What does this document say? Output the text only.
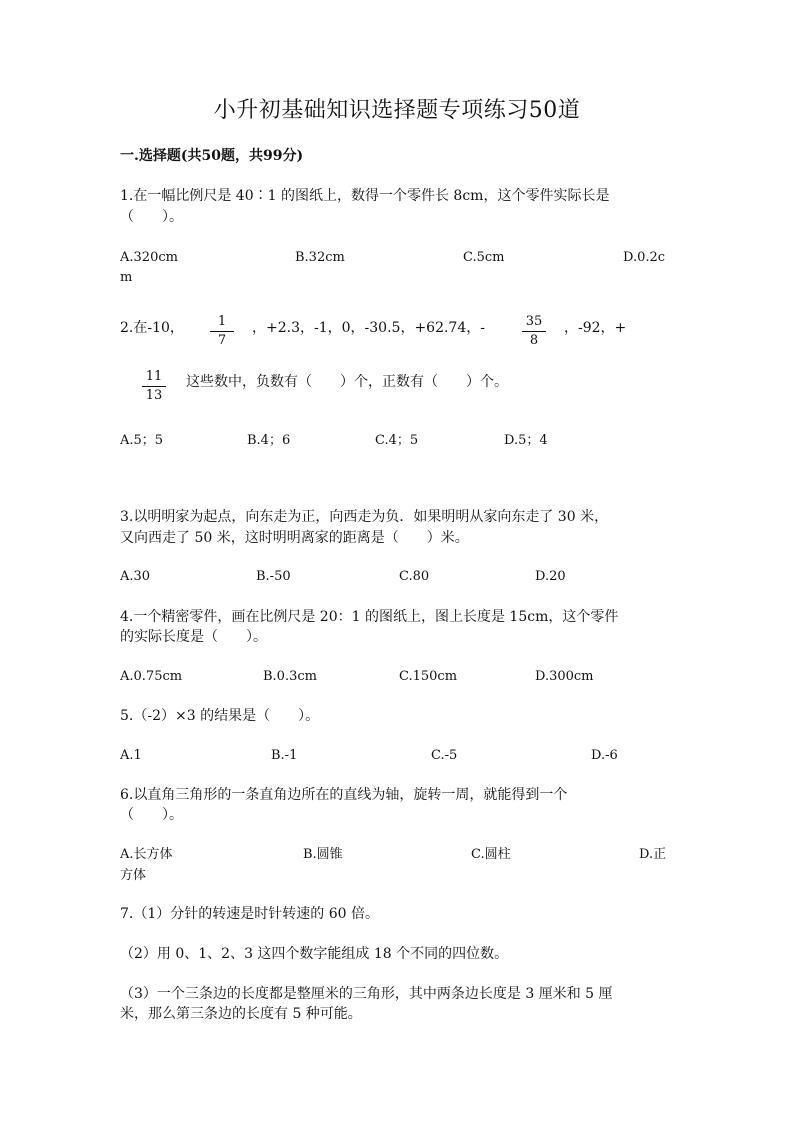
小升初基础知识选择题专项练习50道
一.选择题(共50题，共99分)
1.在一幅比例尺是 40∶1 的图纸上，数得一个零件长 8cm，这个零件实际长是
（　　）。
A.320cm	B.32cm	C.5cm	D.0.2c
m
2.在-10， $\frac{1}{7}$ ，+2.3，-1，0，-30.5，+62.74，-	$\frac{35}{8}$ ，-92，+
$\frac{11}{13}$ 这些数中，负数有（　　）个，正数有（　　）个。
A.5；5	B.4；6	C.4；5	D.5；4
3.以明明家为起点，向东走为正，向西走为负．如果明明从家向东走了 30 米，
又向西走了 50 米，这时明明离家的距离是（　　）米。
A.30	B.-50	C.80	D.20
4.一个精密零件，画在比例尺是 20：1 的图纸上，图上长度是 15cm，这个零件
的实际长度是（　　）。
A.0.75cm	B.0.3cm	C.150cm	D.300cm
5.（-2）×3 的结果是（　　）。
A.1	B.-1	C.-5	D.-6
6.以直角三角形的一条直角边所在的直线为轴，旋转一周，就能得到一个
（　　）。
A.长方体	B.圆锥	C.圆柱	D.正
方体
7.（1）分针的转速是时针转速的 60 倍。
（2）用 0、1、2、3 这四个数字能组成 18 个不同的四位数。
（3）一个三条边的长度都是整厘米的三角形，其中两条边长度是 3 厘米和 5 厘
米，那么第三条边的长度有 5 种可能。
